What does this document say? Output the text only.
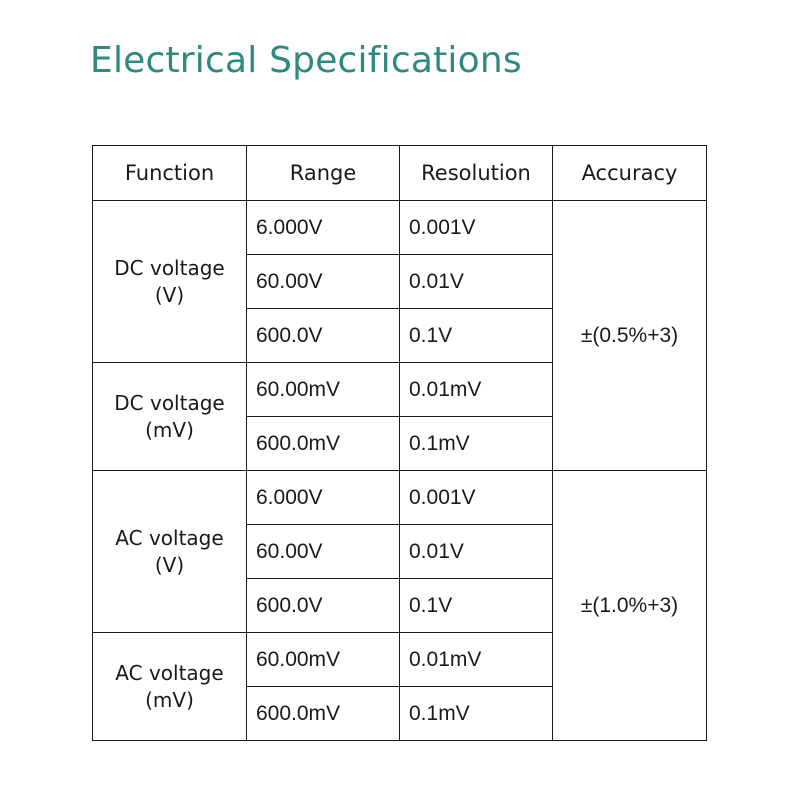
Electrical Specifications
Function	Range	Resolution	Accuracy

DC voltage
(V)	6.000V	0.001V	±(0.5%+3)
	60.00V	0.01V	
	600.0V	0.1V	

DC voltage
(mV)	60.00mV	0.01mV	
	600.0mV	0.1mV	

AC voltage
(V)	6.000V	0.001V	±(1.0%+3)
	60.00V	0.01V	
	600.0V	0.1V	

AC voltage
(mV)	60.00mV	0.01mV	
	600.0mV	0.1mV	
